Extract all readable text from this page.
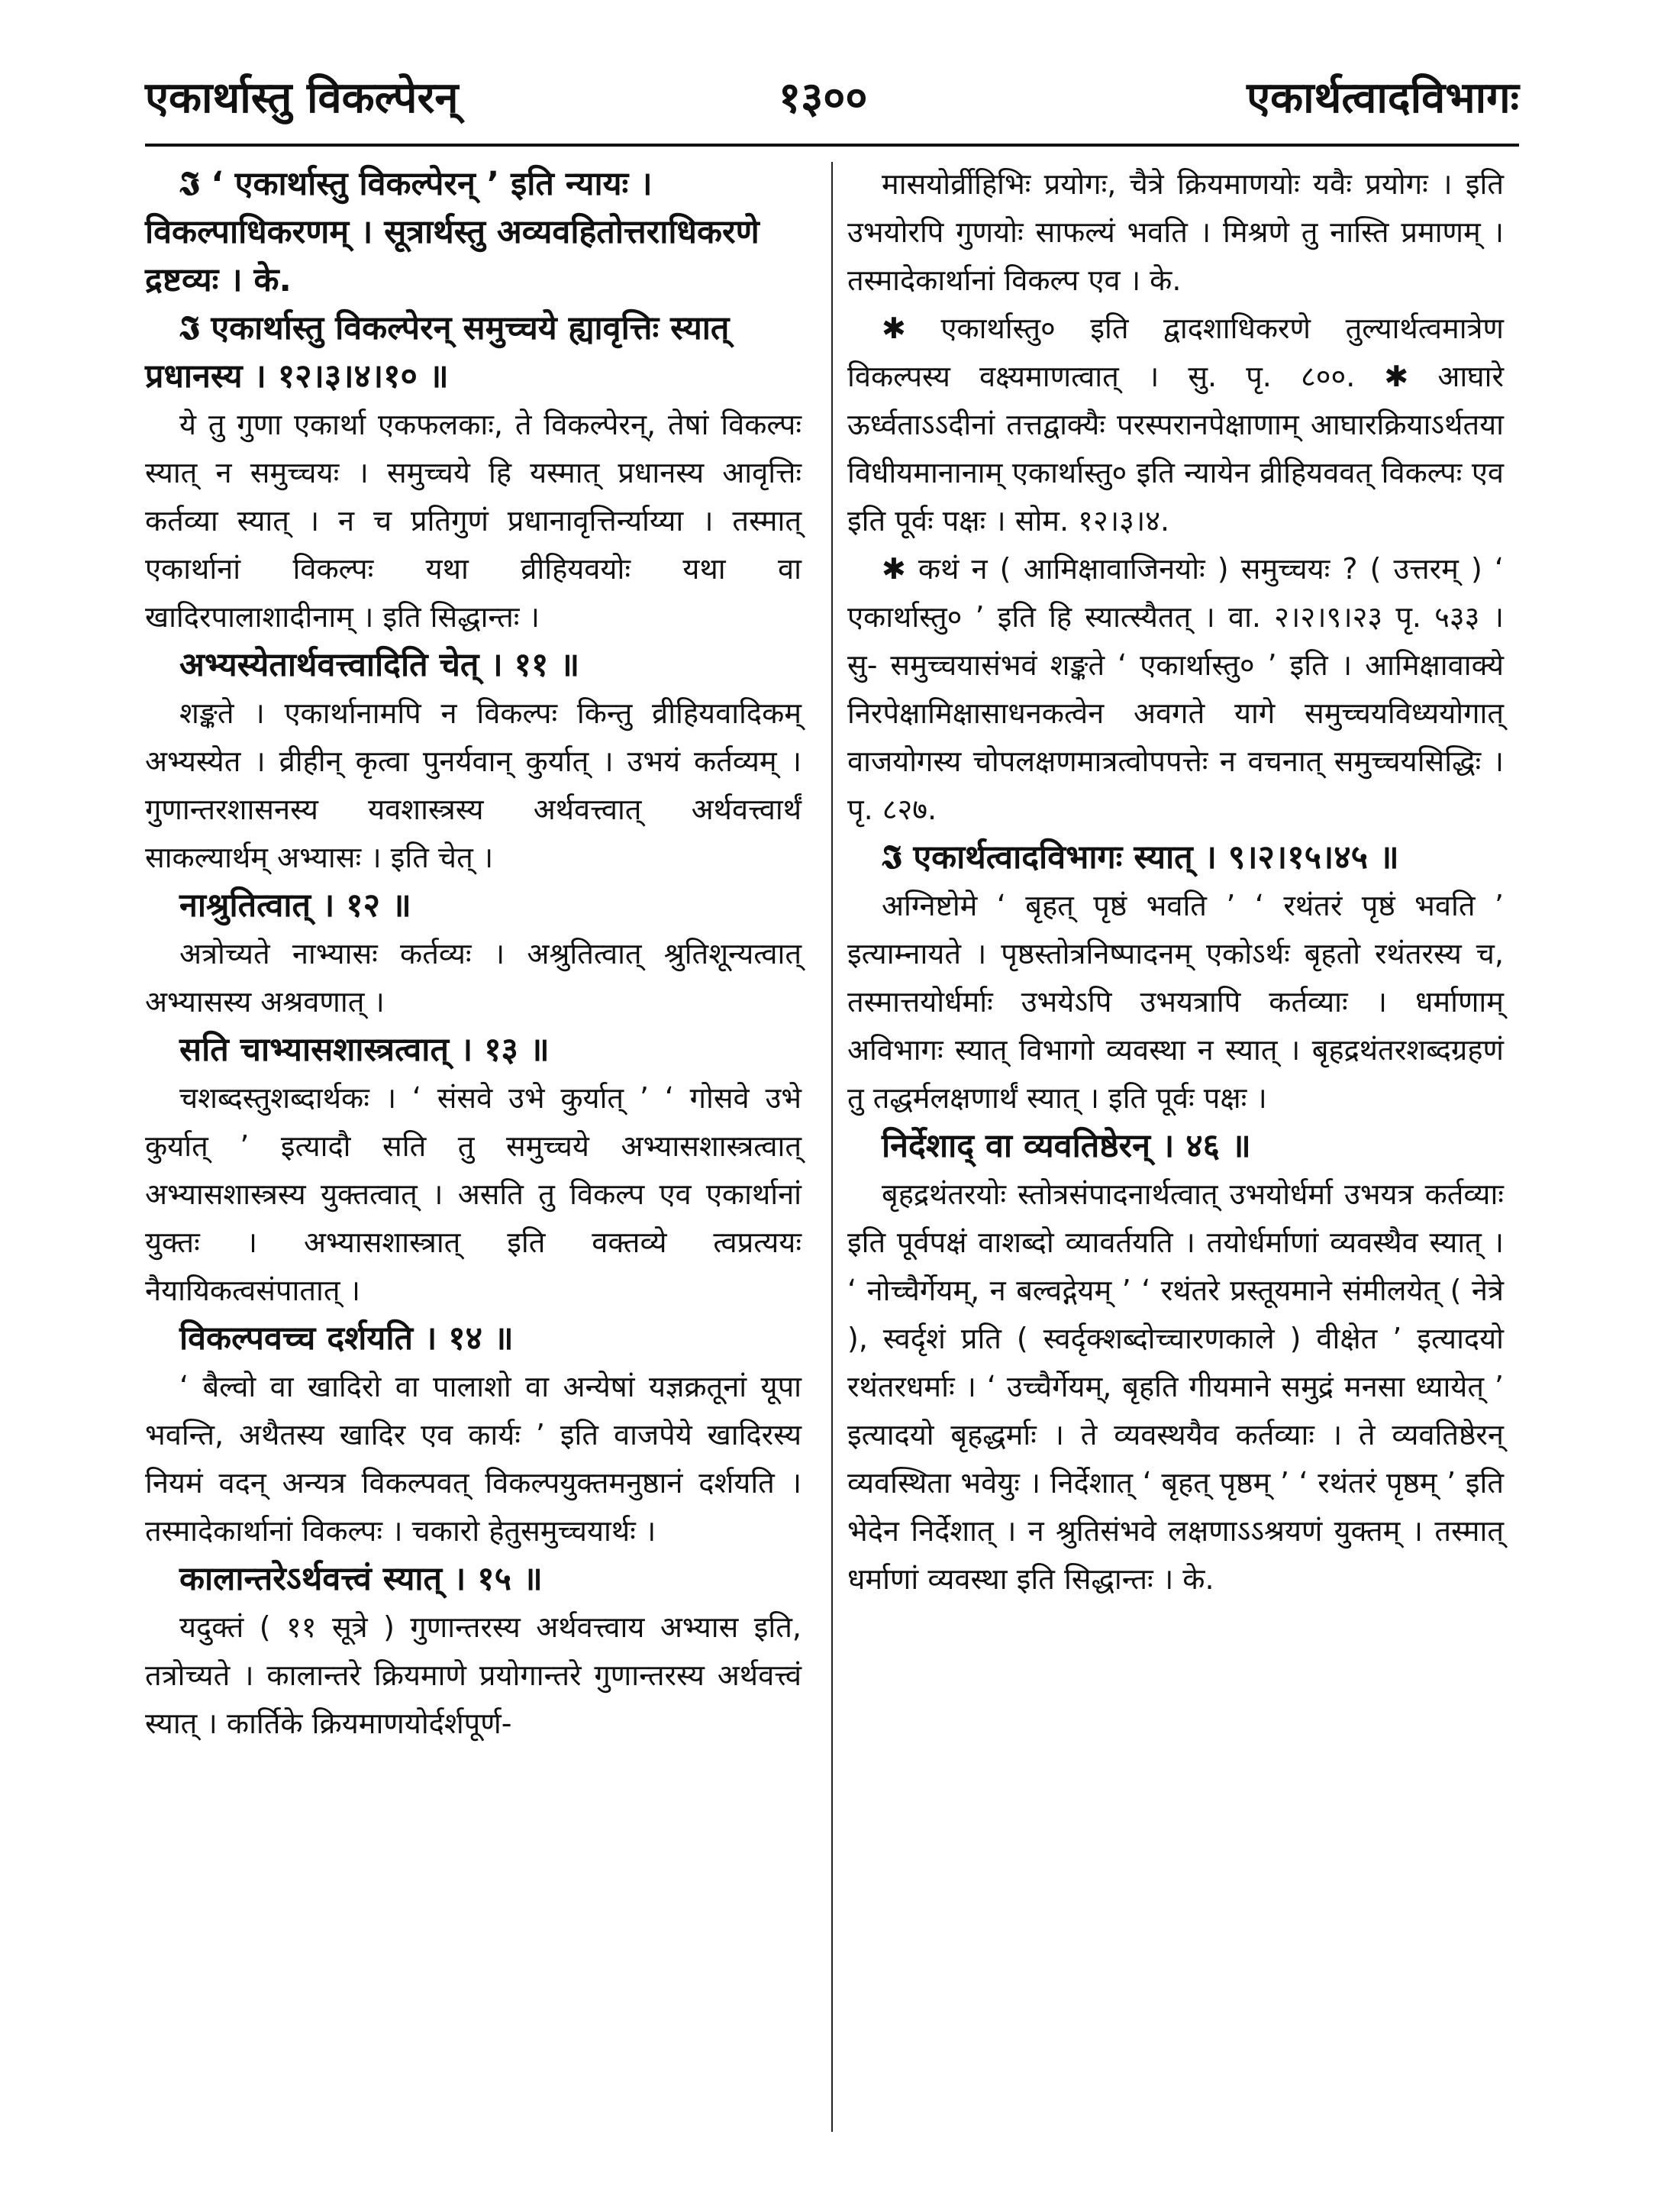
एकार्थास्तु विकल्पेरन्	१३००	एकार्थत्वादविभागः

𝕴 ‘ एकार्थास्तु विकल्पेरन् ’ इति न्यायः । विकल्पाधिकरणम् । सूत्रार्थस्तु अव्यवहितोत्तराधिकरणे द्रष्टव्यः । के.

𝕴 एकार्थास्तु विकल्पेरन् समुच्चये ह्यावृत्तिः स्यात् प्रधानस्य । १२।३।४।१० ॥

ये तु गुणा एकार्था एकफलकाः, ते विकल्पेरन्, तेषां विकल्पः स्यात् न समुच्चयः । समुच्चये हि यस्मात् प्रधानस्य आवृत्तिः कर्तव्या स्यात् । न च प्रतिगुणं प्रधानावृत्तिर्न्याय्या । तस्मात् एकार्थानां विकल्पः यथा व्रीहियवयोः यथा वा खादिरपालाशादीनाम् । इति सिद्धान्तः ।

अभ्यस्येतार्थवत्त्वादिति चेत् । ११ ॥

शङ्कते । एकार्थानामपि न विकल्पः किन्तु व्रीहियवादिकम् अभ्यस्येत । व्रीहीन् कृत्वा पुनर्यवान् कुर्यात् । उभयं कर्तव्यम् । गुणान्तरशासनस्य यवशास्त्रस्य अर्थवत्त्वात् अर्थवत्त्वार्थं साकल्यार्थम् अभ्यासः । इति चेत् ।

नाश्रुतित्वात् । १२ ॥

अत्रोच्यते नाभ्यासः कर्तव्यः । अश्रुतित्वात् श्रुतिशून्यत्वात् अभ्यासस्य अश्रवणात् ।

सति चाभ्यासशास्त्रत्वात् । १३ ॥

चशब्दस्तुशब्दार्थकः । ‘ संसवे उभे कुर्यात् ’ ‘ गोसवे उभे कुर्यात् ’ इत्यादौ सति तु समुच्चये अभ्यासशास्त्रत्वात् अभ्यासशास्त्रस्य युक्तत्वात् । असति तु विकल्प एव एकार्थानां युक्तः । अभ्यासशास्त्रात् इति वक्तव्ये त्वप्रत्ययः नैयायिकत्वसंपातात् ।

विकल्पवच्च दर्शयति । १४ ॥

‘ बैल्वो वा खादिरो वा पालाशो वा अन्येषां यज्ञक्रतूनां यूपा भवन्ति, अथैतस्य खादिर एव कार्यः ’ इति वाजपेये खादिरस्य नियमं वदन् अन्यत्र विकल्पवत् विकल्पयुक्तमनुष्ठानं दर्शयति । तस्मादेकार्थानां विकल्पः । चकारो हेतुसमुच्चयार्थः ।

कालान्तरेऽर्थवत्त्वं स्यात् । १५ ॥

यदुक्तं ( ११ सूत्रे ) गुणान्तरस्य अर्थवत्त्वाय अभ्यास इति, तत्रोच्यते । कालान्तरे क्रियमाणे प्रयोगान्तरे गुणान्तरस्य अर्थवत्त्वं स्यात् । कार्तिके क्रियमाणयोर्दर्शपूर्ण-

मासयोर्व्रीहिभिः प्रयोगः, चैत्रे क्रियमाणयोः यवैः प्रयोगः । इति उभयोरपि गुणयोः साफल्यं भवति । मिश्रणे तु नास्ति प्रमाणम् । तस्मादेकार्थानां विकल्प एव । के.

✱ एकार्थास्तु० इति द्वादशाधिकरणे तुल्यार्थत्वमात्रेण विकल्पस्य वक्ष्यमाणत्वात् । सु. पृ. ८००. ✱ आघारे ऊर्ध्वताऽऽदीनां तत्तद्वाक्यैः परस्परानपेक्षाणाम् आघारक्रियाऽर्थतया विधीयमानानाम् एकार्थास्तु० इति न्यायेन व्रीहियववत् विकल्पः एव इति पूर्वः पक्षः । सोम. १२।३।४.

✱ कथं न ( आमिक्षावाजिनयोः ) समुच्चयः ? ( उत्तरम् ) ‘ एकार्थास्तु० ’ इति हि स्यात्स्यैतत् । वा. २।२।९।२३ पृ. ५३३ । सु- समुच्चयासंभवं शङ्कते ‘ एकार्थास्तु० ’ इति । आमिक्षावाक्ये निरपेक्षामिक्षासाधनकत्वेन अवगते यागे समुच्चयविध्ययोगात् वाजयोगस्य चोपलक्षणमात्रत्वोपपत्तेः न वचनात् समुच्चयसिद्धिः । पृ. ८२७.

𝕴 एकार्थत्वादविभागः स्यात् । ९।२।१५।४५ ॥

अग्निष्टोमे ‘ बृहत् पृष्ठं भवति ’ ‘ रथंतरं पृष्ठं भवति ’ इत्याम्नायते । पृष्ठस्तोत्रनिष्पादनम् एकोऽर्थः बृहतो रथंतरस्य च, तस्मात्तयोर्धर्माः उभयेऽपि उभयत्रापि कर्तव्याः । धर्माणाम् अविभागः स्यात् विभागो व्यवस्था न स्यात् । बृहद्रथंतरशब्दग्रहणं तु तद्धर्मलक्षणार्थं स्यात् । इति पूर्वः पक्षः ।

निर्देशाद् वा व्यवतिष्ठेरन् । ४६ ॥

बृहद्रथंतरयोः स्तोत्रसंपादनार्थत्वात् उभयोर्धर्मा उभयत्र कर्तव्याः इति पूर्वपक्षं वाशब्दो व्यावर्तयति । तयोर्धर्माणां व्यवस्थैव स्यात् । ‘ नोच्चैर्गेयम्, न बल्वद्गेयम् ’ ‘ रथंतरे प्रस्तूयमाने संमीलयेत् ( नेत्रे ), स्वर्दृशं प्रति ( स्वर्दृक्शब्दोच्चारणकाले ) वीक्षेत ’ इत्यादयो रथंतरधर्माः । ‘ उच्चैर्गेयम्, बृहति गीयमाने समुद्रं मनसा ध्यायेत् ’ इत्यादयो बृहद्धर्माः । ते व्यवस्थयैव कर्तव्याः । ते व्यवतिष्ठेरन् व्यवस्थिता भवेयुः । निर्देशात् ‘ बृहत् पृष्ठम् ’ ‘ रथंतरं पृष्ठम् ’ इति भेदेन निर्देशात् । न श्रुतिसंभवे लक्षणाऽऽश्रयणं युक्तम् । तस्मात् धर्माणां व्यवस्था इति सिद्धान्तः । के.
